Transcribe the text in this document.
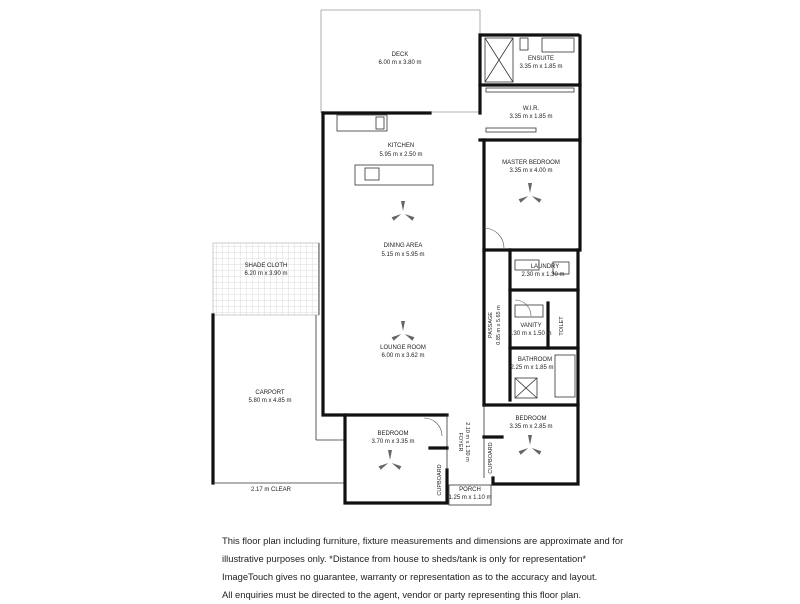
DECK
6.00 m x 3.80 m
ENSUITE
3.35 m x 1.85 m
W.I.R.
3.35 m x 1.85 m
KITCHEN
5.95 m x 2.50 m
MASTER BEDROOM
3.35 m x 4.00 m
DINING AREA
5.15 m x 5.95 m
SHADE CLOTH
6.20 m x 3.90 m
LAUNDRY
2.30 m x 1.30 m
PASSAGE 0.85 m x 5.65 m	VANITY
1.30 m x 1.50 m TOILET
LOUNGE ROOM
6.00 m x 3.62 m
BATHROOM
2.25 m x 1.85 m
CARPORT
5.80 m x 4.85 m
BEDROOM
3.35 m x 2.85 m
BEDROOM
3.70 m x 3.35 m	FOYER 2.10 m x 1.30 m
CUPBOARD
CUPBOARD
PORCH
1.25 m x 1.10 m
2.17 m CLEAR
This floor plan including furniture, fixture measurements and dimensions are approximate and for
illustrative purposes only. *Distance from house to sheds/tank is only for representation*
ImageTouch gives no guarantee, warranty or representation as to the accuracy and layout.
All enquiries must be directed to the agent, vendor or party representing this floor plan.
